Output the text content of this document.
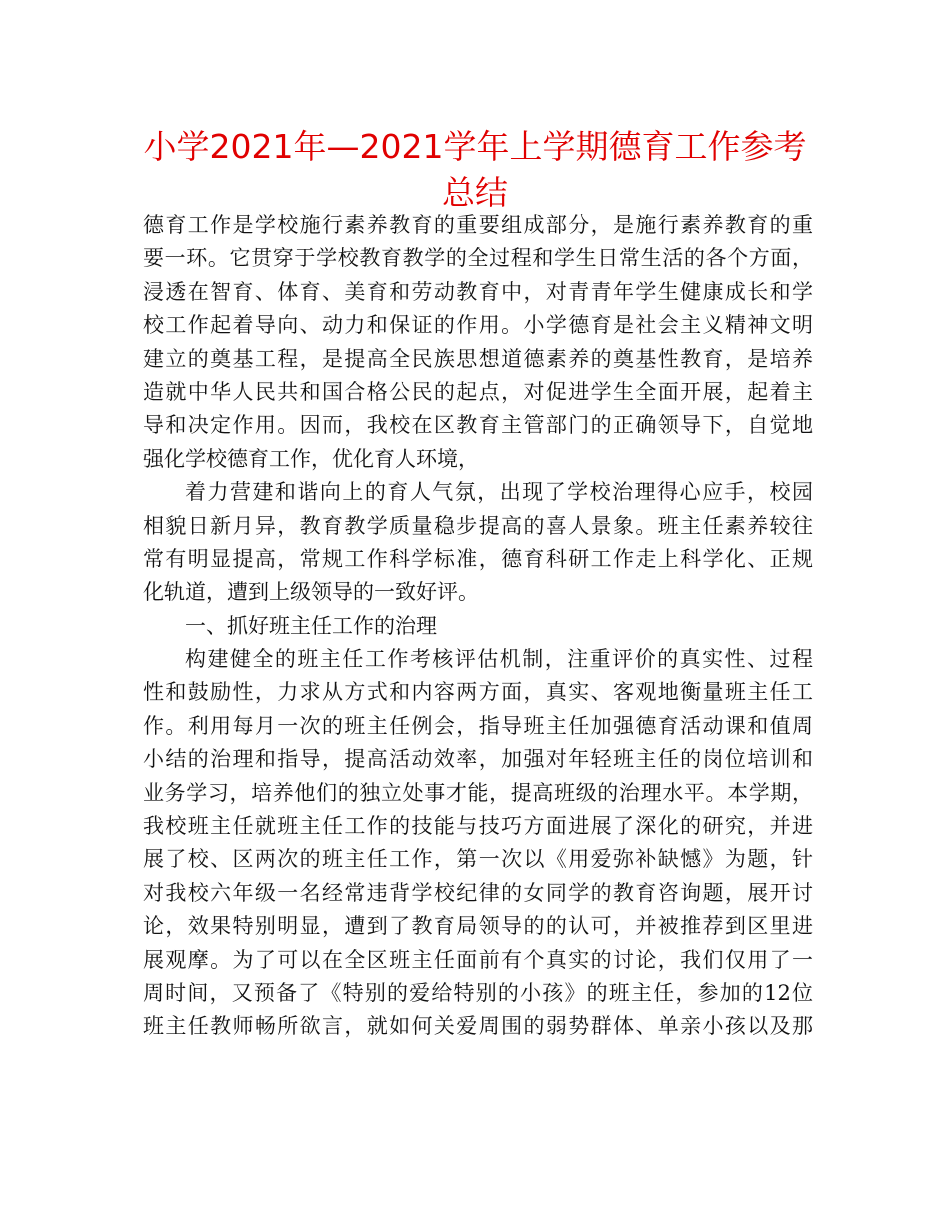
小学2021年—2021学年上学期德育工作参考
总结
德育工作是学校施行素养教育的重要组成部分，是施行素养教育的重
要一环。它贯穿于学校教育教学的全过程和学生日常生活的各个方面，
浸透在智育、体育、美育和劳动教育中，对青青年学生健康成长和学
校工作起着导向、动力和保证的作用。小学德育是社会主义精神文明
建立的奠基工程，是提高全民族思想道德素养的奠基性教育，是培养
造就中华人民共和国合格公民的起点，对促进学生全面开展，起着主
导和决定作用。因而，我校在区教育主管部门的正确领导下，自觉地
强化学校德育工作，优化育人环境，
着力营建和谐向上的育人气氛，出现了学校治理得心应手，校园
相貌日新月异，教育教学质量稳步提高的喜人景象。班主任素养较往
常有明显提高，常规工作科学标准，德育科研工作走上科学化、正规
化轨道，遭到上级领导的一致好评。
一、抓好班主任工作的治理
构建健全的班主任工作考核评估机制，注重评价的真实性、过程
性和鼓励性，力求从方式和内容两方面，真实、客观地衡量班主任工
作。利用每月一次的班主任例会，指导班主任加强德育活动课和值周
小结的治理和指导，提高活动效率，加强对年轻班主任的岗位培训和
业务学习，培养他们的独立处事才能，提高班级的治理水平。本学期，
我校班主任就班主任工作的技能与技巧方面进展了深化的研究，并进
展了校、区两次的班主任工作，第一次以《用爱弥补缺憾》为题，针
对我校六年级一名经常违背学校纪律的女同学的教育咨询题，展开讨
论，效果特别明显，遭到了教育局领导的的认可，并被推荐到区里进
展观摩。为了可以在全区班主任面前有个真实的讨论，我们仅用了一
周时间，又预备了《特别的爱给特别的小孩》的班主任，参加的12位
班主任教师畅所欲言，就如何关爱周围的弱势群体、单亲小孩以及那
